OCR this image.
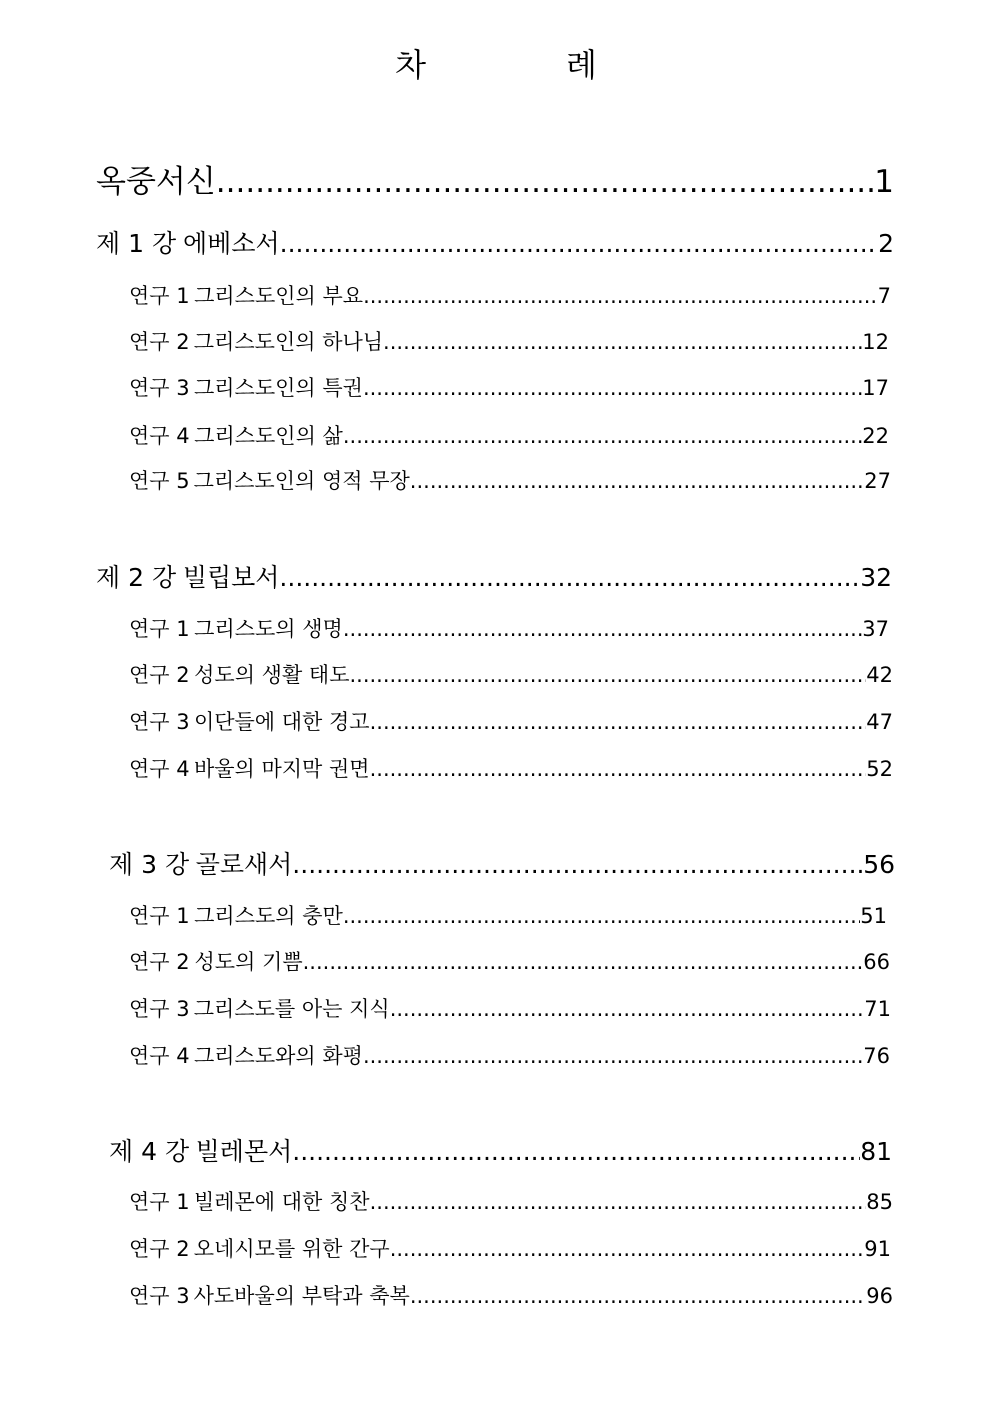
차	례
옥중서신 .....	1
제 1 강 에베소서 .....	2
연구 1 그리스도인의 부요 .....	7
연구 2 그리스도인의 하나님 .....	12
연구 3 그리스도인의 특권 .....	17
연구 4 그리스도인의 삶 .....	22
연구 5 그리스도인의 영적 무장 .....	27
제 2 강 빌립보서 .....	32
연구 1 그리스도의 생명 .....	37
연구 2 성도의 생활 태도 .....	42
연구 3 이단들에 대한 경고 .....	47
연구 4 바울의 마지막 권면 .....	52
제 3 강 골로새서 .....	56
연구 1 그리스도의 충만 .....	51
연구 2 성도의 기쁨 .....	66
연구 3 그리스도를 아는 지식 .....	71
연구 4 그리스도와의 화평 .....	76
제 4 강 빌레몬서 .....	81
연구 1 빌레몬에 대한 칭찬 .....	85
연구 2 오네시모를 위한 간구 .....	91
연구 3 사도바울의 부탁과 축복 .....	96
